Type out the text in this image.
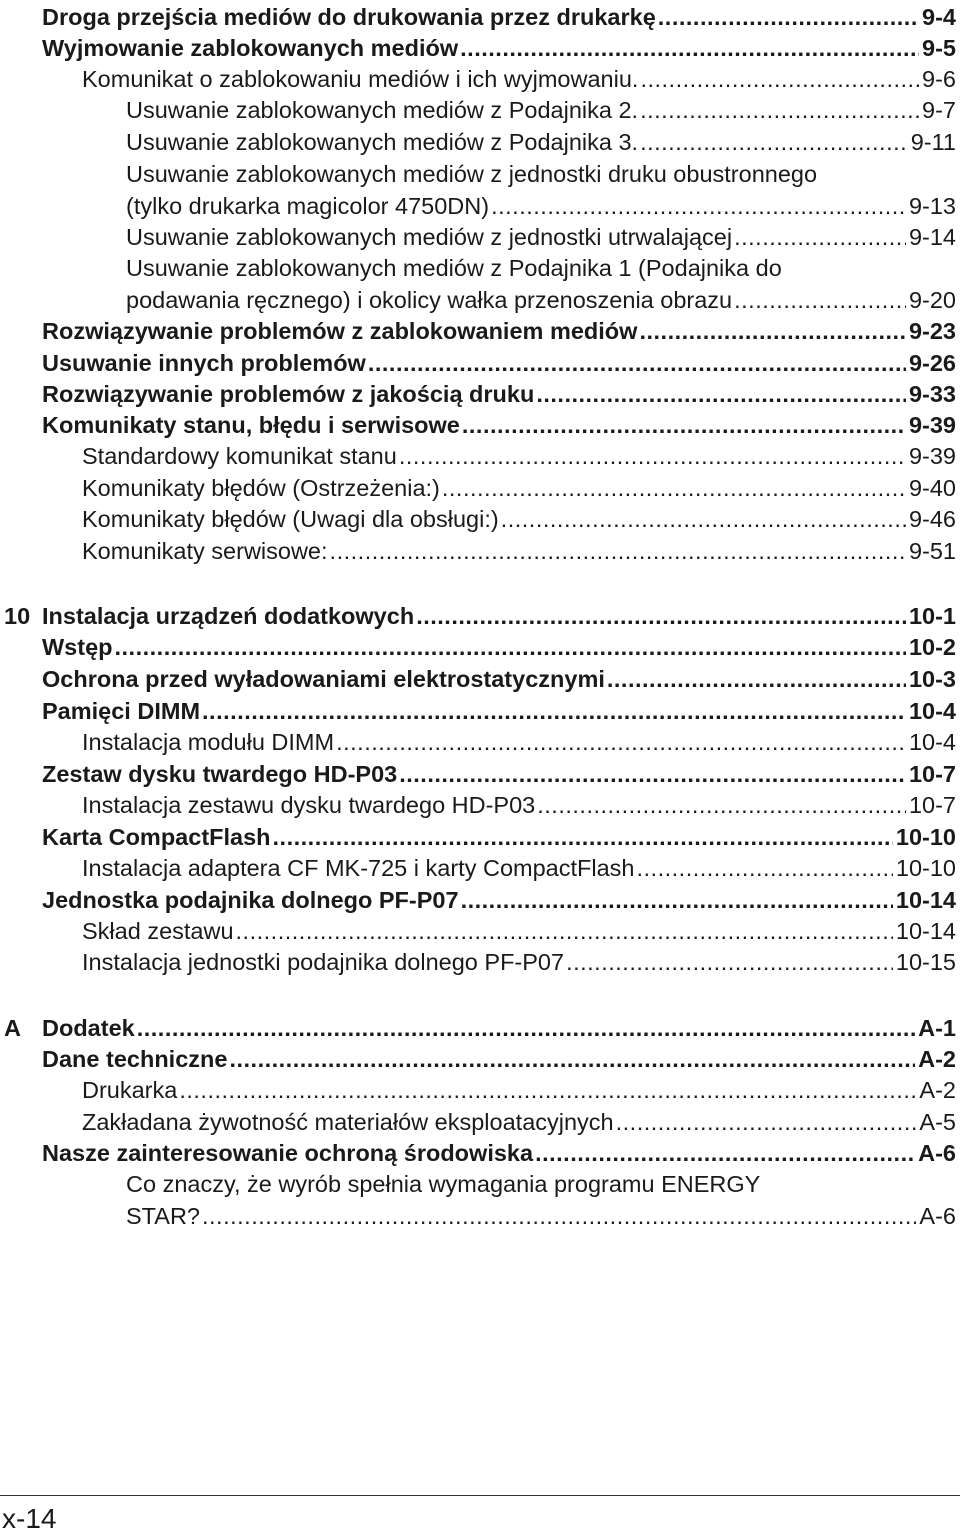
Droga przejścia mediów do drukowania przez drukarkę .....	9-4
Wyjmowanie zablokowanych mediów .....	9-5
Komunikat o zablokowaniu mediów i ich wyjmowaniu. .....	9-6
Usuwanie zablokowanych mediów z Podajnika 2. .....	9-7
Usuwanie zablokowanych mediów z Podajnika 3. .....	9-11
Usuwanie zablokowanych mediów z jednostki druku obustronnego
(tylko drukarka magicolor 4750DN) .....	9-13
Usuwanie zablokowanych mediów z jednostki utrwalającej .....	9-14
Usuwanie zablokowanych mediów z Podajnika 1 (Podajnika do
podawania ręcznego) i okolicy wałka przenoszenia obrazu .....	9-20
Rozwiązywanie problemów z zablokowaniem mediów .....	9-23
Usuwanie innych problemów .....	9-26
Rozwiązywanie problemów z jakością druku .....	9-33
Komunikaty stanu, błędu i serwisowe .....	9-39
Standardowy komunikat stanu .....	9-39
Komunikaty błędów (Ostrzeżenia:) .....	9-40
Komunikaty błędów (Uwagi dla obsługi:) .....	9-46
Komunikaty serwisowe: .....	9-51
10 Instalacja urządzeń dodatkowych .....	10-1
Wstęp .....	10-2
Ochrona przed wyładowaniami elektrostatycznymi .....	10-3
Pamięci DIMM .....	10-4
Instalacja modułu DIMM .....	10-4
Zestaw dysku twardego HD-P03 .....	10-7
Instalacja zestawu dysku twardego HD-P03 .....	10-7
Karta CompactFlash .....	10-10
Instalacja adaptera CF MK-725 i karty CompactFlash .....	10-10
Jednostka podajnika dolnego PF-P07 .....	10-14
Skład zestawu .....	10-14
Instalacja jednostki podajnika dolnego PF-P07 .....	10-15
A Dodatek .....	A-1
Dane techniczne .....	A-2
Drukarka .....	A-2
Zakładana żywotność materiałów eksploatacyjnych .....	A-5
Nasze zainteresowanie ochroną środowiska .....	A-6
Co znaczy, że wyrób spełnia wymagania programu ENERGY
STAR? .....	A-6
x-14
